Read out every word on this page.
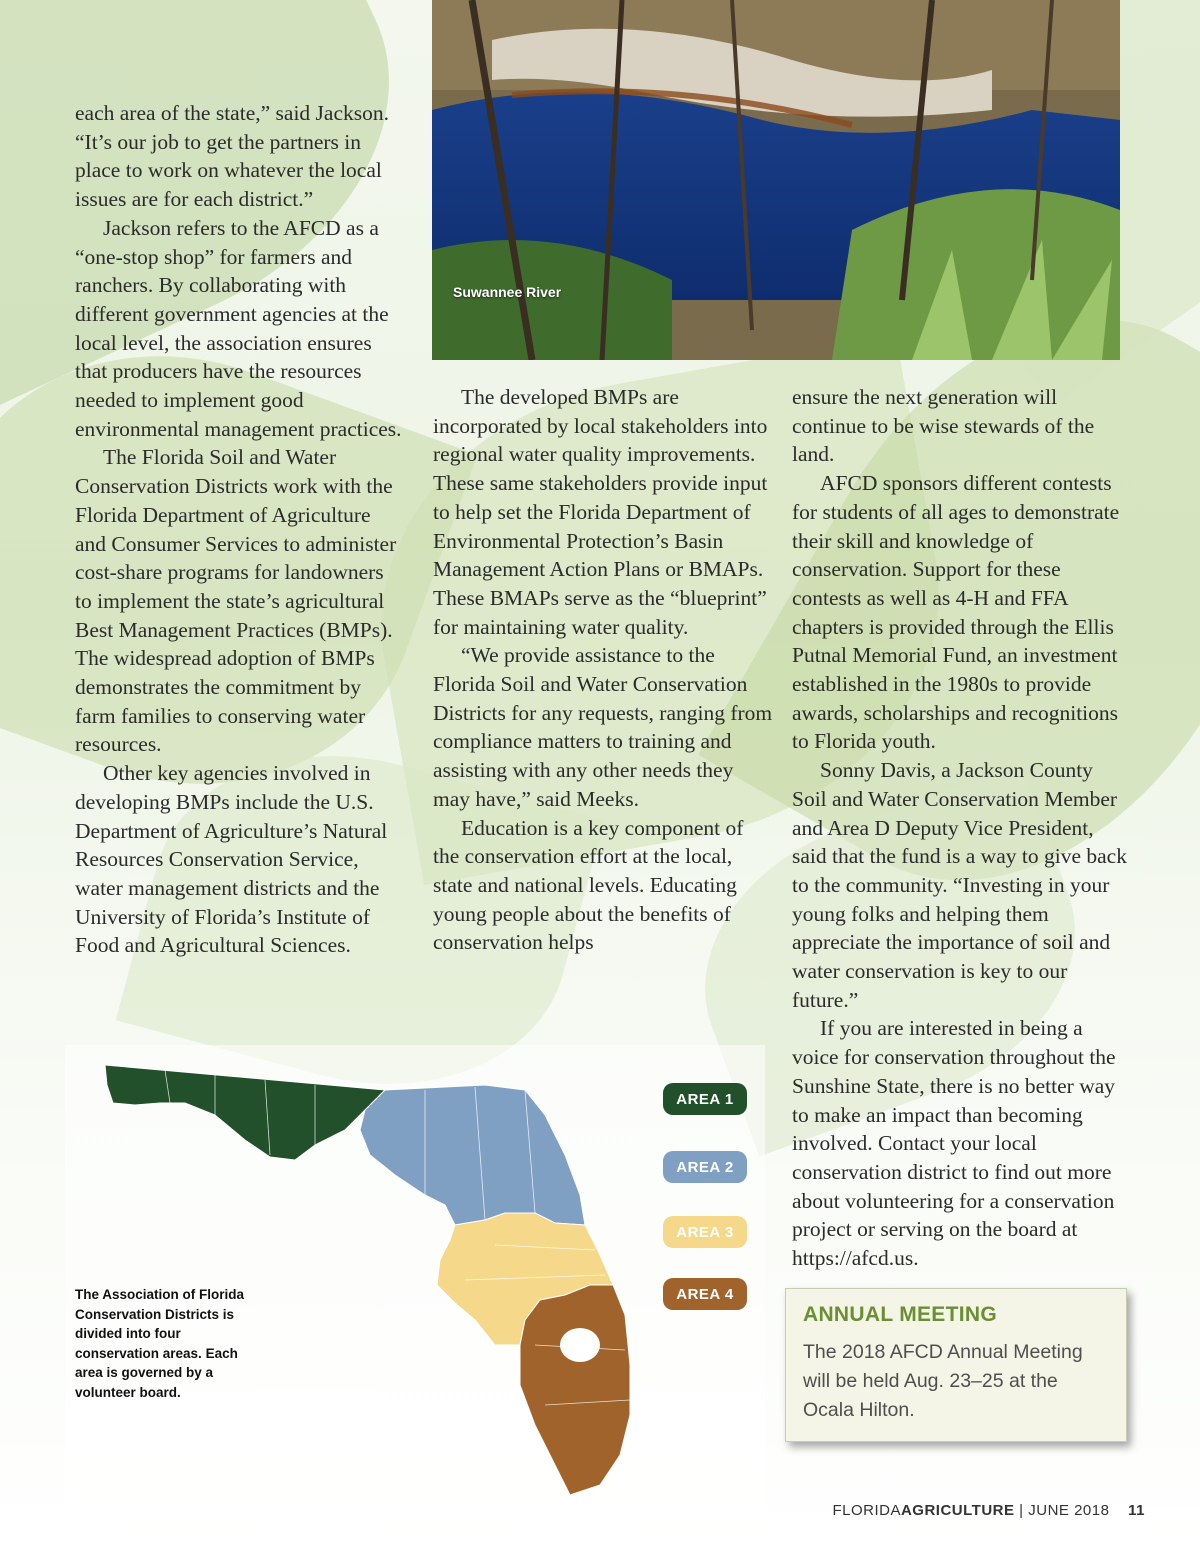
Suwannee River

each area of the state,” said Jackson. “It’s our job to get the partners in place to work on whatever the local issues are for each district.”

Jackson refers to the AFCD as a “one-stop shop” for farmers and ranchers. By collaborating with different government agencies at the local level, the association ensures that producers have the resources needed to implement good environmental management practices.

The Florida Soil and Water Conservation Districts work with the Florida Department of Agriculture and Consumer Services to administer cost-share programs for landowners to implement the state’s agricultural Best Management Practices (BMPs). The widespread adoption of BMPs demonstrates the commitment by farm families to conserving water resources.

Other key agencies involved in developing BMPs include the U.S. Department of Agriculture’s Natural Resources Conservation Service, water management districts and the University of Florida’s Institute of Food and Agricultural Sciences.

The developed BMPs are incorporated by local stakeholders into regional water quality improvements. These same stakeholders provide input to help set the Florida Department of Environmental Protection’s Basin Management Action Plans or BMAPs. These BMAPs serve as the “blueprint” for maintaining water quality.

“We provide assistance to the Florida Soil and Water Conservation Districts for any requests, ranging from compliance matters to training and assisting with any other needs they may have,” said Meeks.

Education is a key component of the conservation effort at the local, state and national levels. Educating young people about the benefits of conservation helps

ensure the next generation will continue to be wise stewards of the land.

AFCD sponsors different contests for students of all ages to demonstrate their skill and knowledge of conservation. Support for these contests as well as 4-H and FFA chapters is provided through the Ellis Putnal Memorial Fund, an investment established in the 1980s to provide awards, scholarships and recognitions to Florida youth.

Sonny Davis, a Jackson County Soil and Water Conservation Member and Area D Deputy Vice President, said that the fund is a way to give back to the community. “Investing in your young folks and helping them appreciate the importance of soil and water conservation is key to our future.”

If you are interested in being a voice for conservation throughout the Sunshine State, there is no better way to make an impact than becoming involved. Contact your local conservation district to find out more about volunteering for a conservation project or serving on the board at https://afcd.us.

AREA 1
AREA 2
AREA 3
AREA 4
The Association of Florida Conservation Districts is divided into four conservation areas. Each area is governed by a volunteer board.
ANNUAL MEETING
The 2018 AFCD Annual Meeting will be held Aug. 23–25 at the Ocala Hilton.
FLORIDAAGRICULTURE | JUNE 2018 11
